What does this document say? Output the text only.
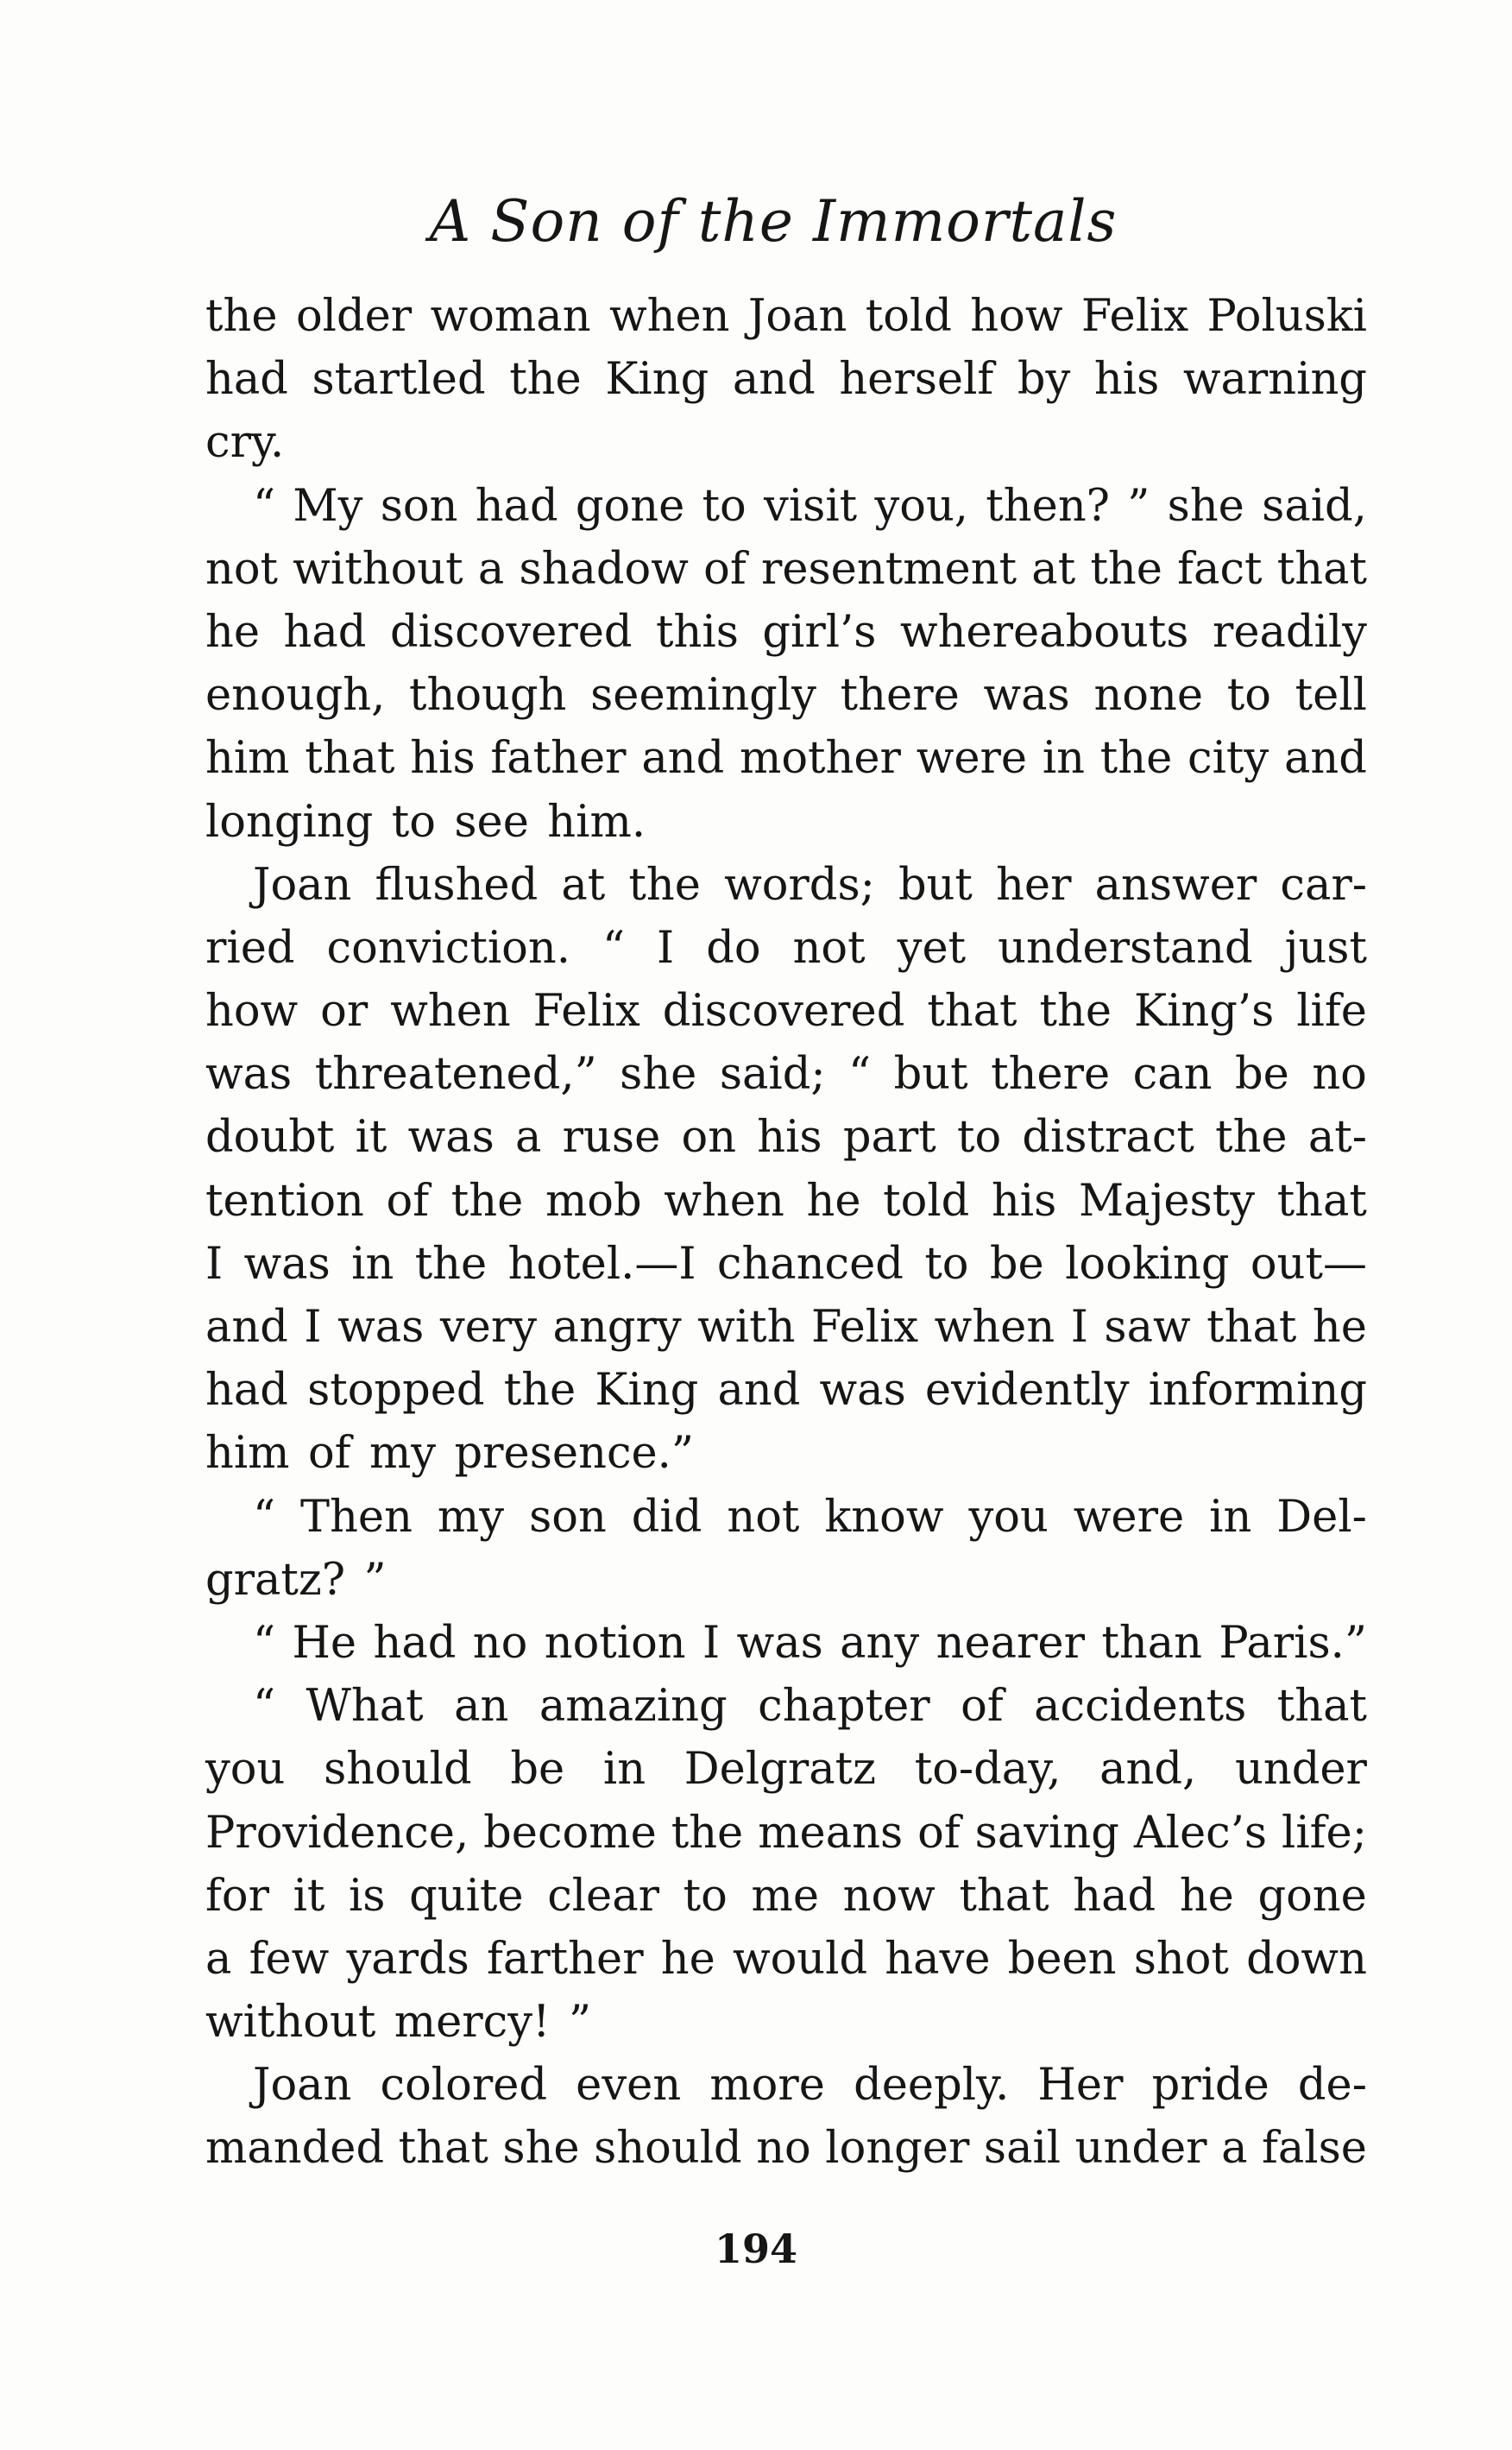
A Son of the Immortals
the older woman when Joan told how Felix Poluski
had startled the King and herself by his warning
cry.
“ My son had gone to visit you, then? ” she said,
not without a shadow of resentment at the fact that
he had discovered this girl’s whereabouts readily
enough, though seemingly there was none to tell
him that his father and mother were in the city and
longing to see him.
Joan flushed at the words; but her answer car-
ried conviction. “ I do not yet understand just
how or when Felix discovered that the King’s life
was threatened,” she said; “ but there can be no
doubt it was a ruse on his part to distract the at-
tention of the mob when he told his Majesty that
I was in the hotel.—I chanced to be looking out—
and I was very angry with Felix when I saw that he
had stopped the King and was evidently informing
him of my presence.”
“ Then my son did not know you were in Del-
gratz? ”
“ He had no notion I was any nearer than Paris.”
“ What an amazing chapter of accidents that
you should be in Delgratz to-day, and, under
Providence, become the means of saving Alec’s life;
for it is quite clear to me now that had he gone
a few yards farther he would have been shot down
without mercy! ”
Joan colored even more deeply. Her pride de-
manded that she should no longer sail under a false
194
